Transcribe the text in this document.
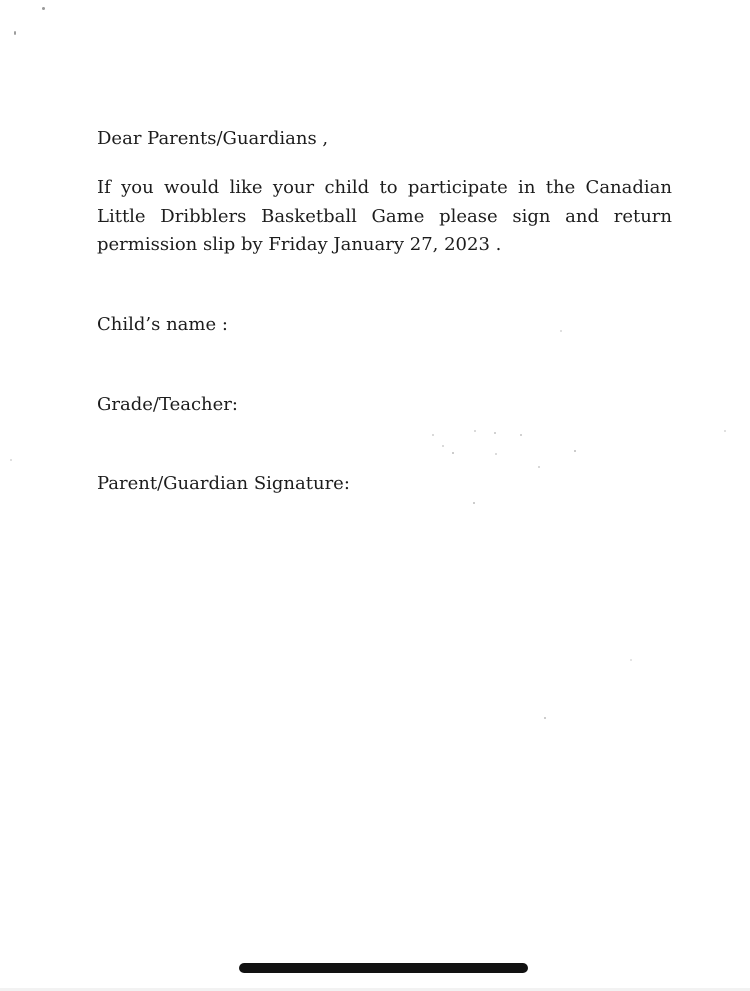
Dear Parents/Guardians ,
If you would like your child to participate in the Canadian Little Dribblers Basketball Game please sign and return permission slip by Friday January 27, 2023 .
Child’s name :
Grade/Teacher:
Parent/Guardian Signature:
